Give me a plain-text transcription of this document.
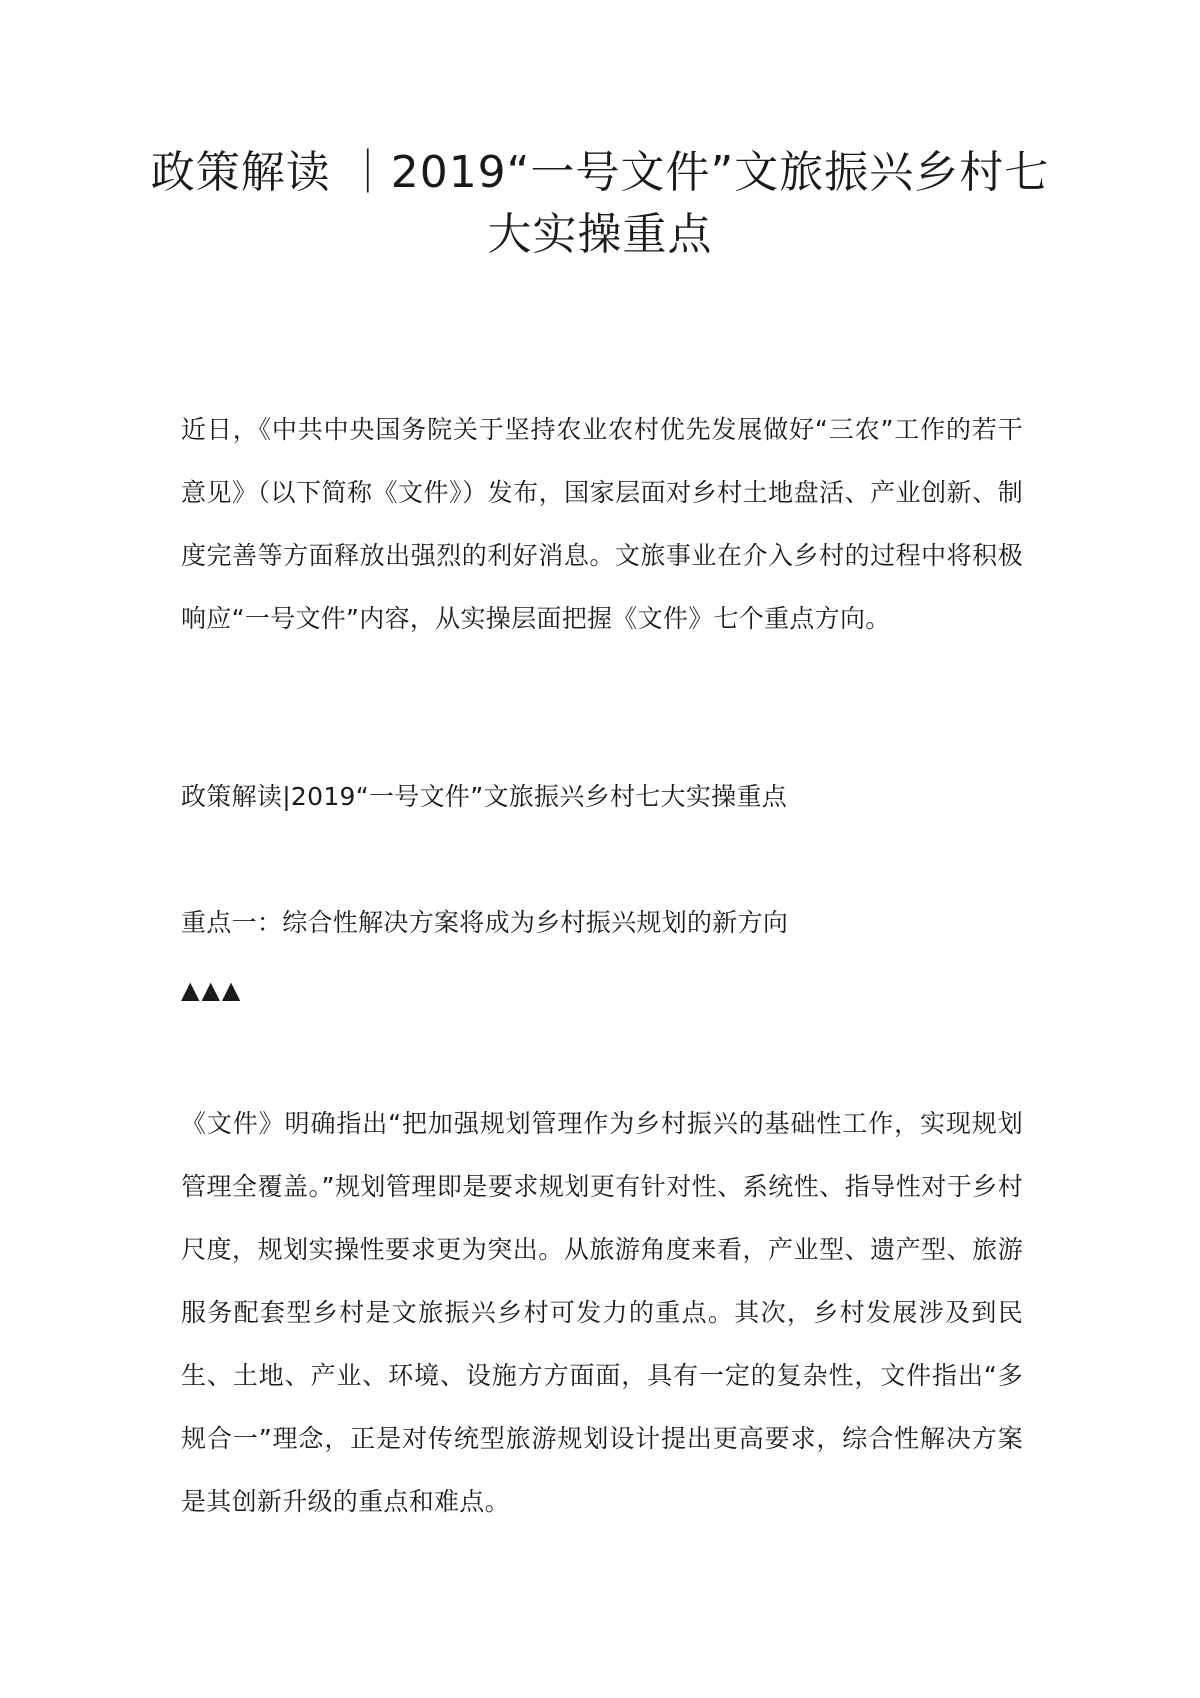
政策解读 ｜2019“一号文件”文旅振兴乡村七大实操重点
近日，《中共中央国务院关于坚持农业农村优先发展做好“三农”工作的若干意见》（以下简称《文件》）发布，国家层面对乡村土地盘活、产业创新、制度完善等方面释放出强烈的利好消息。文旅事业在介入乡村的过程中将积极响应“一号文件”内容，从实操层面把握《文件》七个重点方向。
政策解读|2019“一号文件”文旅振兴乡村七大实操重点
重点一：综合性解决方案将成为乡村振兴规划的新方向
▲▲▲
《文件》明确指出“把加强规划管理作为乡村振兴的基础性工作，实现规划管理全覆盖。”规划管理即是要求规划更有针对性、系统性、指导性对于乡村尺度，规划实操性要求更为突出。从旅游角度来看，产业型、遗产型、旅游服务配套型乡村是文旅振兴乡村可发力的重点。其次，乡村发展涉及到民生、土地、产业、环境、设施方方面面，具有一定的复杂性，文件指出“多规合一”理念，正是对传统型旅游规划设计提出更高要求，综合性解决方案是其创新升级的重点和难点。
